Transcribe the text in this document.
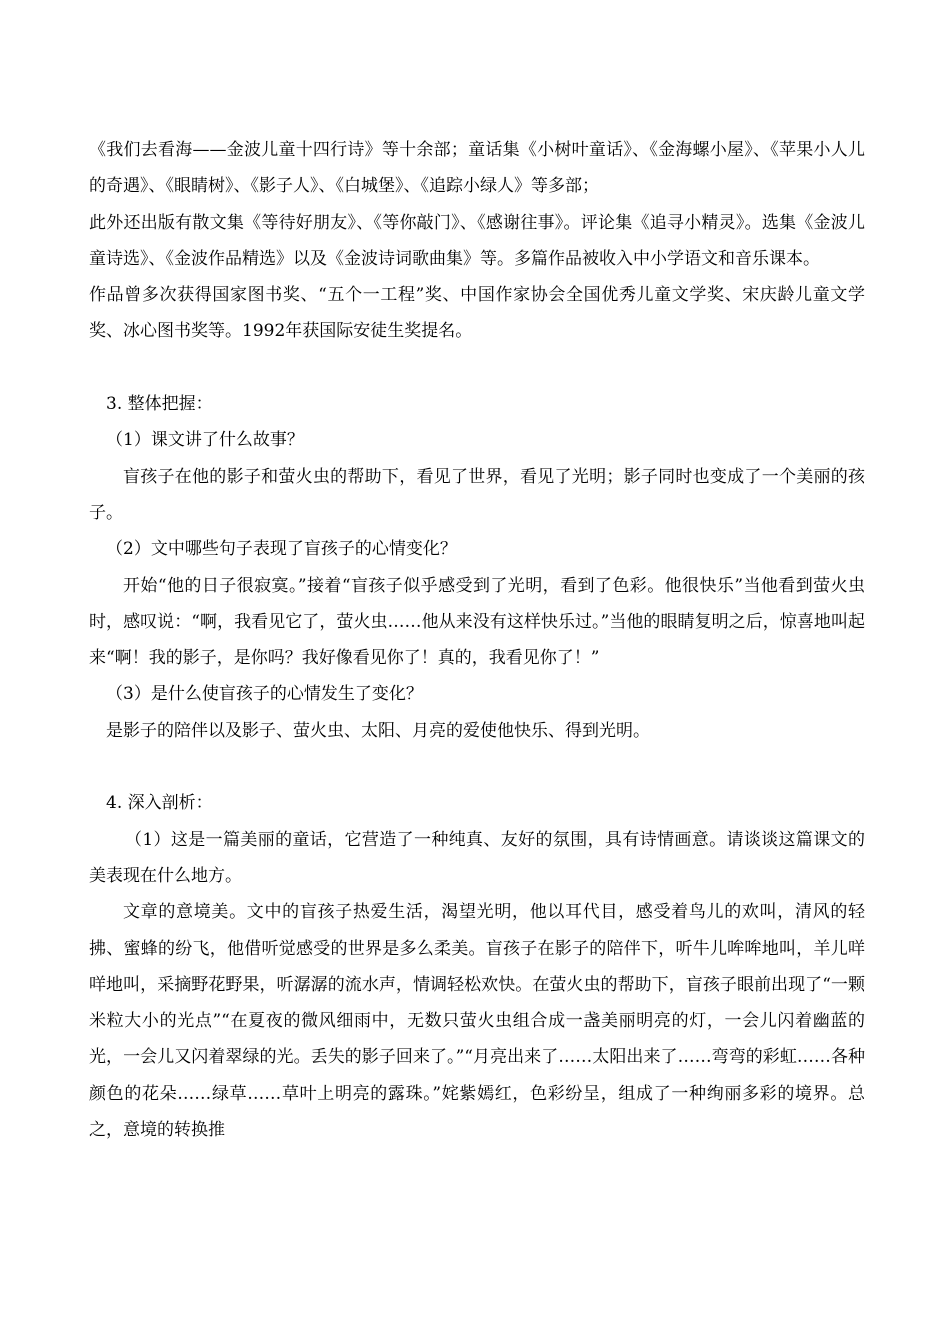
《我们去看海——金波儿童十四行诗》等十余部；童话集《小树叶童话》、《金海螺小屋》、《苹果小人儿的奇遇》、《眼睛树》、《影子人》、《白城堡》、《追踪小绿人》等多部；

此外还出版有散文集《等待好朋友》、《等你敲门》、《感谢往事》。评论集《追寻小精灵》。选集《金波儿童诗选》、《金波作品精选》以及《金波诗词歌曲集》等。多篇作品被收入中小学语文和音乐课本。

作品曾多次获得国家图书奖、“五个一工程”奖、中国作家协会全国优秀儿童文学奖、宋庆龄儿童文学奖、冰心图书奖等。1992年获国际安徒生奖提名。

3. 整体把握：

（1）课文讲了什么故事？

盲孩子在他的影子和萤火虫的帮助下，看见了世界，看见了光明；影子同时也变成了一个美丽的孩子。

（2）文中哪些句子表现了盲孩子的心情变化？

开始“他的日子很寂寞。”接着“盲孩子似乎感受到了光明，看到了色彩。他很快乐”当他看到萤火虫时，感叹说：“啊，我看见它了，萤火虫……他从来没有这样快乐过。”当他的眼睛复明之后，惊喜地叫起来“啊！我的影子，是你吗？我好像看见你了！真的，我看见你了！”

（3）是什么使盲孩子的心情发生了变化？

是影子的陪伴以及影子、萤火虫、太阳、月亮的爱使他快乐、得到光明。

4. 深入剖析：

（1）这是一篇美丽的童话，它营造了一种纯真、友好的氛围，具有诗情画意。请谈谈这篇课文的美表现在什么地方。

文章的意境美。文中的盲孩子热爱生活，渴望光明，他以耳代目，感受着鸟儿的欢叫，清风的轻拂、蜜蜂的纷飞，他借听觉感受的世界是多么柔美。盲孩子在影子的陪伴下，听牛儿哞哞地叫，羊儿咩咩地叫，采摘野花野果，听潺潺的流水声，情调轻松欢快。在萤火虫的帮助下，盲孩子眼前出现了“一颗米粒大小的光点”“在夏夜的微风细雨中，无数只萤火虫组合成一盏美丽明亮的灯，一会儿闪着幽蓝的光，一会儿又闪着翠绿的光。丢失的影子回来了。”“月亮出来了……太阳出来了……弯弯的彩虹……各种颜色的花朵……绿草……草叶上明亮的露珠。”姹紫嫣红，色彩纷呈，组成了一种绚丽多彩的境界。总之，意境的转换推
